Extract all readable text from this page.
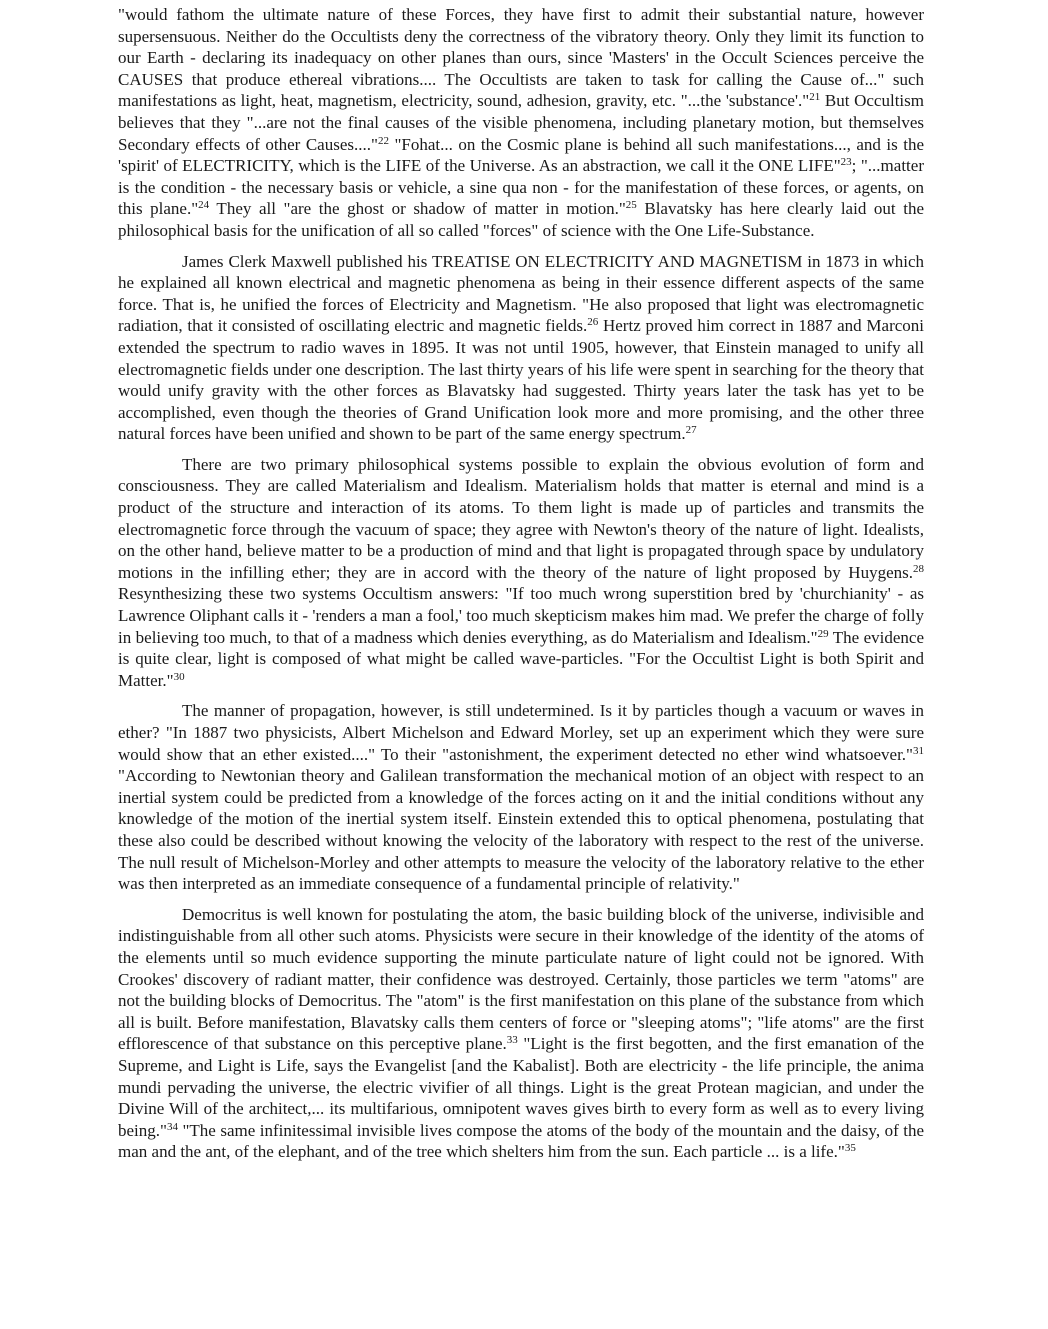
"would fathom the ultimate nature of these Forces, they have first to admit their substantial nature, however supersensuous. Neither do the Occultists deny the correctness of the vibratory theory. Only they limit its function to our Earth - declaring its inadequacy on other planes than ours, since 'Masters' in the Occult Sciences perceive the CAUSES that produce ethereal vibrations.... The Occultists are taken to task for calling the Cause of..." such manifestations as light, heat, magnetism, electricity, sound, adhesion, gravity, etc. "...the 'substance'."$^{21}$ But Occultism believes that they "...are not the final causes of the visible phenomena, including planetary motion, but themselves Secondary effects of other Causes...."$^{22}$ "Fohat... on the Cosmic plane is behind all such manifestations..., and is the 'spirit' of ELECTRICITY, which is the LIFE of the Universe. As an abstraction, we call it the ONE LIFE"$^{23}$; "...matter is the condition - the necessary basis or vehicle, a sine qua non - for the manifestation of these forces, or agents, on this plane."$^{24}$ They all "are the ghost or shadow of matter in motion."$^{25}$ Blavatsky has here clearly laid out the philosophical basis for the unification of all so called "forces" of science with the One Life-Substance.

James Clerk Maxwell published his TREATISE ON ELECTRICITY AND MAGNETISM in 1873 in which he explained all known electrical and magnetic phenomena as being in their essence different aspects of the same force. That is, he unified the forces of Electricity and Magnetism. "He also proposed that light was electromagnetic radiation, that it consisted of oscillating electric and magnetic fields.$^{26}$ Hertz proved him correct in 1887 and Marconi extended the spectrum to radio waves in 1895. It was not until 1905, however, that Einstein managed to unify all electromagnetic fields under one description. The last thirty years of his life were spent in searching for the theory that would unify gravity with the other forces as Blavatsky had suggested. Thirty years later the task has yet to be accomplished, even though the theories of Grand Unification look more and more promising, and the other three natural forces have been unified and shown to be part of the same energy spectrum.$^{27}$

There are two primary philosophical systems possible to explain the obvious evolution of form and consciousness. They are called Materialism and Idealism. Materialism holds that matter is eternal and mind is a product of the structure and interaction of its atoms. To them light is made up of particles and transmits the electromagnetic force through the vacuum of space; they agree with Newton's theory of the nature of light. Idealists, on the other hand, believe matter to be a production of mind and that light is propagated through space by undulatory motions in the infilling ether; they are in accord with the theory of the nature of light proposed by Huygens.$^{28}$ Resynthesizing these two systems Occultism answers: "If too much wrong superstition bred by 'churchianity' - as Lawrence Oliphant calls it - 'renders a man a fool,' too much skepticism makes him mad. We prefer the charge of folly in believing too much, to that of a madness which denies everything, as do Materialism and Idealism."$^{29}$ The evidence is quite clear, light is composed of what might be called wave-particles. "For the Occultist Light is both Spirit and Matter."$^{30}$

The manner of propagation, however, is still undetermined. Is it by particles though a vacuum or waves in ether? "In 1887 two physicists, Albert Michelson and Edward Morley, set up an experiment which they were sure would show that an ether existed...." To their "astonishment, the experiment detected no ether wind whatsoever."$^{31}$ "According to Newtonian theory and Galilean transformation the mechanical motion of an object with respect to an inertial system could be predicted from a knowledge of the forces acting on it and the initial conditions without any knowledge of the motion of the inertial system itself. Einstein extended this to optical phenomena, postulating that these also could be described without knowing the velocity of the laboratory with respect to the rest of the universe. The null result of Michelson-Morley and other attempts to measure the velocity of the laboratory relative to the ether was then interpreted as an immediate consequence of a fundamental principle of relativity."

Democritus is well known for postulating the atom, the basic building block of the universe, indivisible and indistinguishable from all other such atoms. Physicists were secure in their knowledge of the identity of the atoms of the elements until so much evidence supporting the minute particulate nature of light could not be ignored. With Crookes' discovery of radiant matter, their confidence was destroyed. Certainly, those particles we term "atoms" are not the building blocks of Democritus. The "atom" is the first manifestation on this plane of the substance from which all is built. Before manifestation, Blavatsky calls them centers of force or "sleeping atoms"; "life atoms" are the first efflorescence of that substance on this perceptive plane.$^{33}$ "Light is the first begotten, and the first emanation of the Supreme, and Light is Life, says the Evangelist [and the Kabalist]. Both are electricity - the life principle, the anima mundi pervading the universe, the electric vivifier of all things. Light is the great Protean magician, and under the Divine Will of the architect,... its multifarious, omnipotent waves gives birth to every form as well as to every living being."$^{34}$ "The same infinitessimal invisible lives compose the atoms of the body of the mountain and the daisy, of the man and the ant, of the elephant, and of the tree which shelters him from the sun. Each particle ... is a life."$^{35}$
